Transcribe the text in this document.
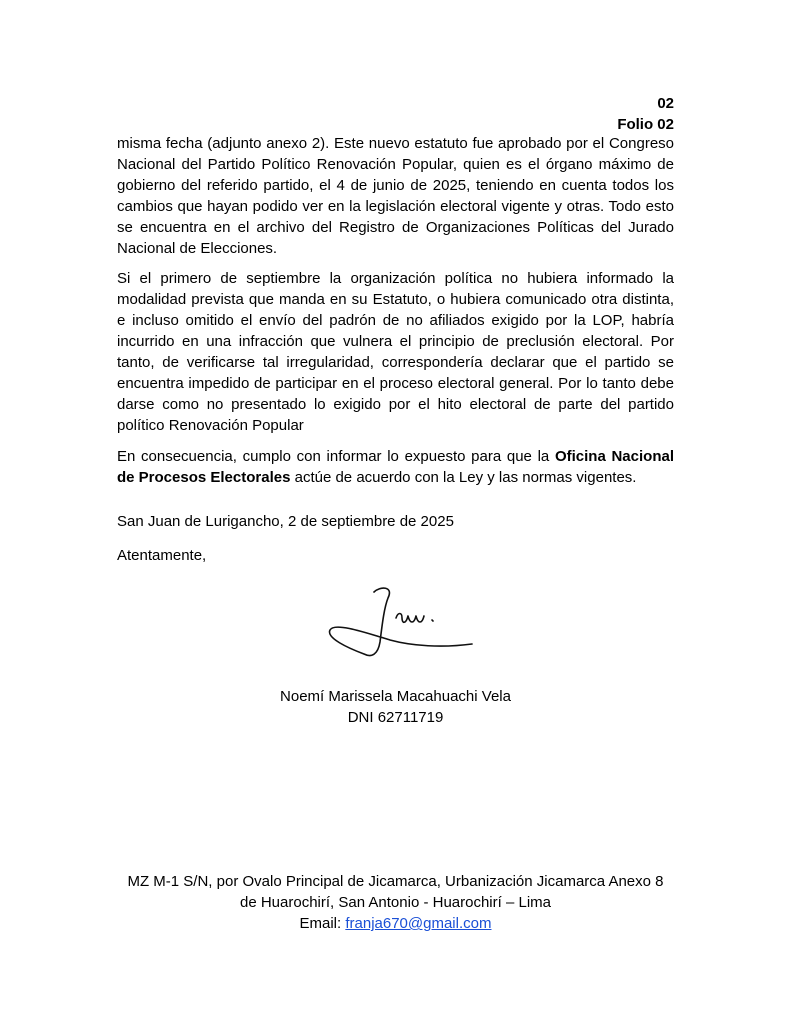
02
Folio 02
misma fecha (adjunto anexo 2). Este nuevo estatuto fue aprobado por el Congreso Nacional del Partido Político Renovación Popular, quien es el órgano máximo de gobierno del referido partido, el 4 de junio de 2025, teniendo en cuenta todos los cambios que hayan podido ver en la legislación electoral vigente y otras. Todo esto se encuentra en el archivo del Registro de Organizaciones Políticas del Jurado Nacional de Elecciones.
Si el primero de septiembre la organización política no hubiera informado la modalidad prevista que manda en su Estatuto, o hubiera comunicado otra distinta, e incluso omitido el envío del padrón de no afiliados exigido por la LOP, habría incurrido en una infracción que vulnera el principio de preclusión electoral. Por tanto, de verificarse tal irregularidad, correspondería declarar que el partido se encuentra impedido de participar en el proceso electoral general. Por lo tanto debe darse como no presentado lo exigido por el hito electoral de parte del partido político Renovación Popular
En consecuencia, cumplo con informar lo expuesto para que la Oficina Nacional de Procesos Electorales actúe de acuerdo con la Ley y las normas vigentes.
San Juan de Lurigancho, 2 de septiembre de 2025
Atentamente,
Noemí Marissela Macahuachi Vela
DNI 62711719
MZ M-1 S/N, por Ovalo Principal de Jicamarca, Urbanización Jicamarca Anexo 8
de Huarochirí, San Antonio - Huarochirí – Lima
Email: franja670@gmail.com
